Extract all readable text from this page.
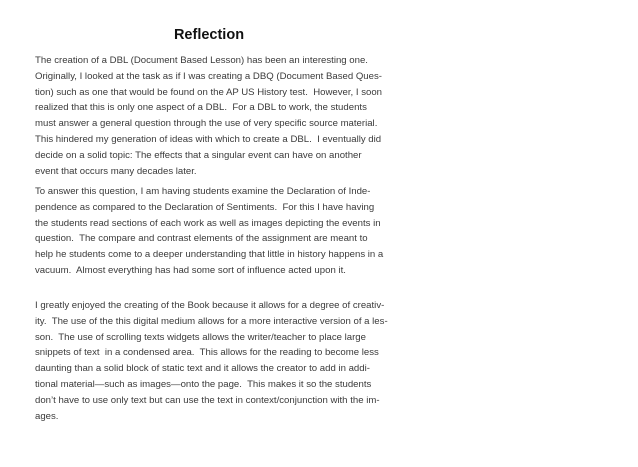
Reflection
The creation of a DBL (Document Based Lesson) has been an interesting one.
Originally, I looked at the task as if I was creating a DBQ (Document Based Ques-
tion) such as one that would be found on the AP US History test.  However, I soon
realized that this is only one aspect of a DBL.  For a DBL to work, the students
must answer a general question through the use of very specific source material.
This hindered my generation of ideas with which to create a DBL.  I eventually did
decide on a solid topic: The effects that a singular event can have on another
event that occurs many decades later.
To answer this question, I am having students examine the Declaration of Inde-
pendence as compared to the Declaration of Sentiments.  For this I have having
the students read sections of each work as well as images depicting the events in
question.  The compare and contrast elements of the assignment are meant to
help he students come to a deeper understanding that little in history happens in a
vacuum.  Almost everything has had some sort of influence acted upon it.
I greatly enjoyed the creating of the Book because it allows for a degree of creativ-
ity.  The use of the this digital medium allows for a more interactive version of a les-
son.  The use of scrolling texts widgets allows the writer/teacher to place large
snippets of text  in a condensed area.  This allows for the reading to become less
daunting than a solid block of static text and it allows the creator to add in addi-
tional material—such as images—onto the page.  This makes it so the students
don’t have to use only text but can use the text in context/conjunction with the im-
ages.
